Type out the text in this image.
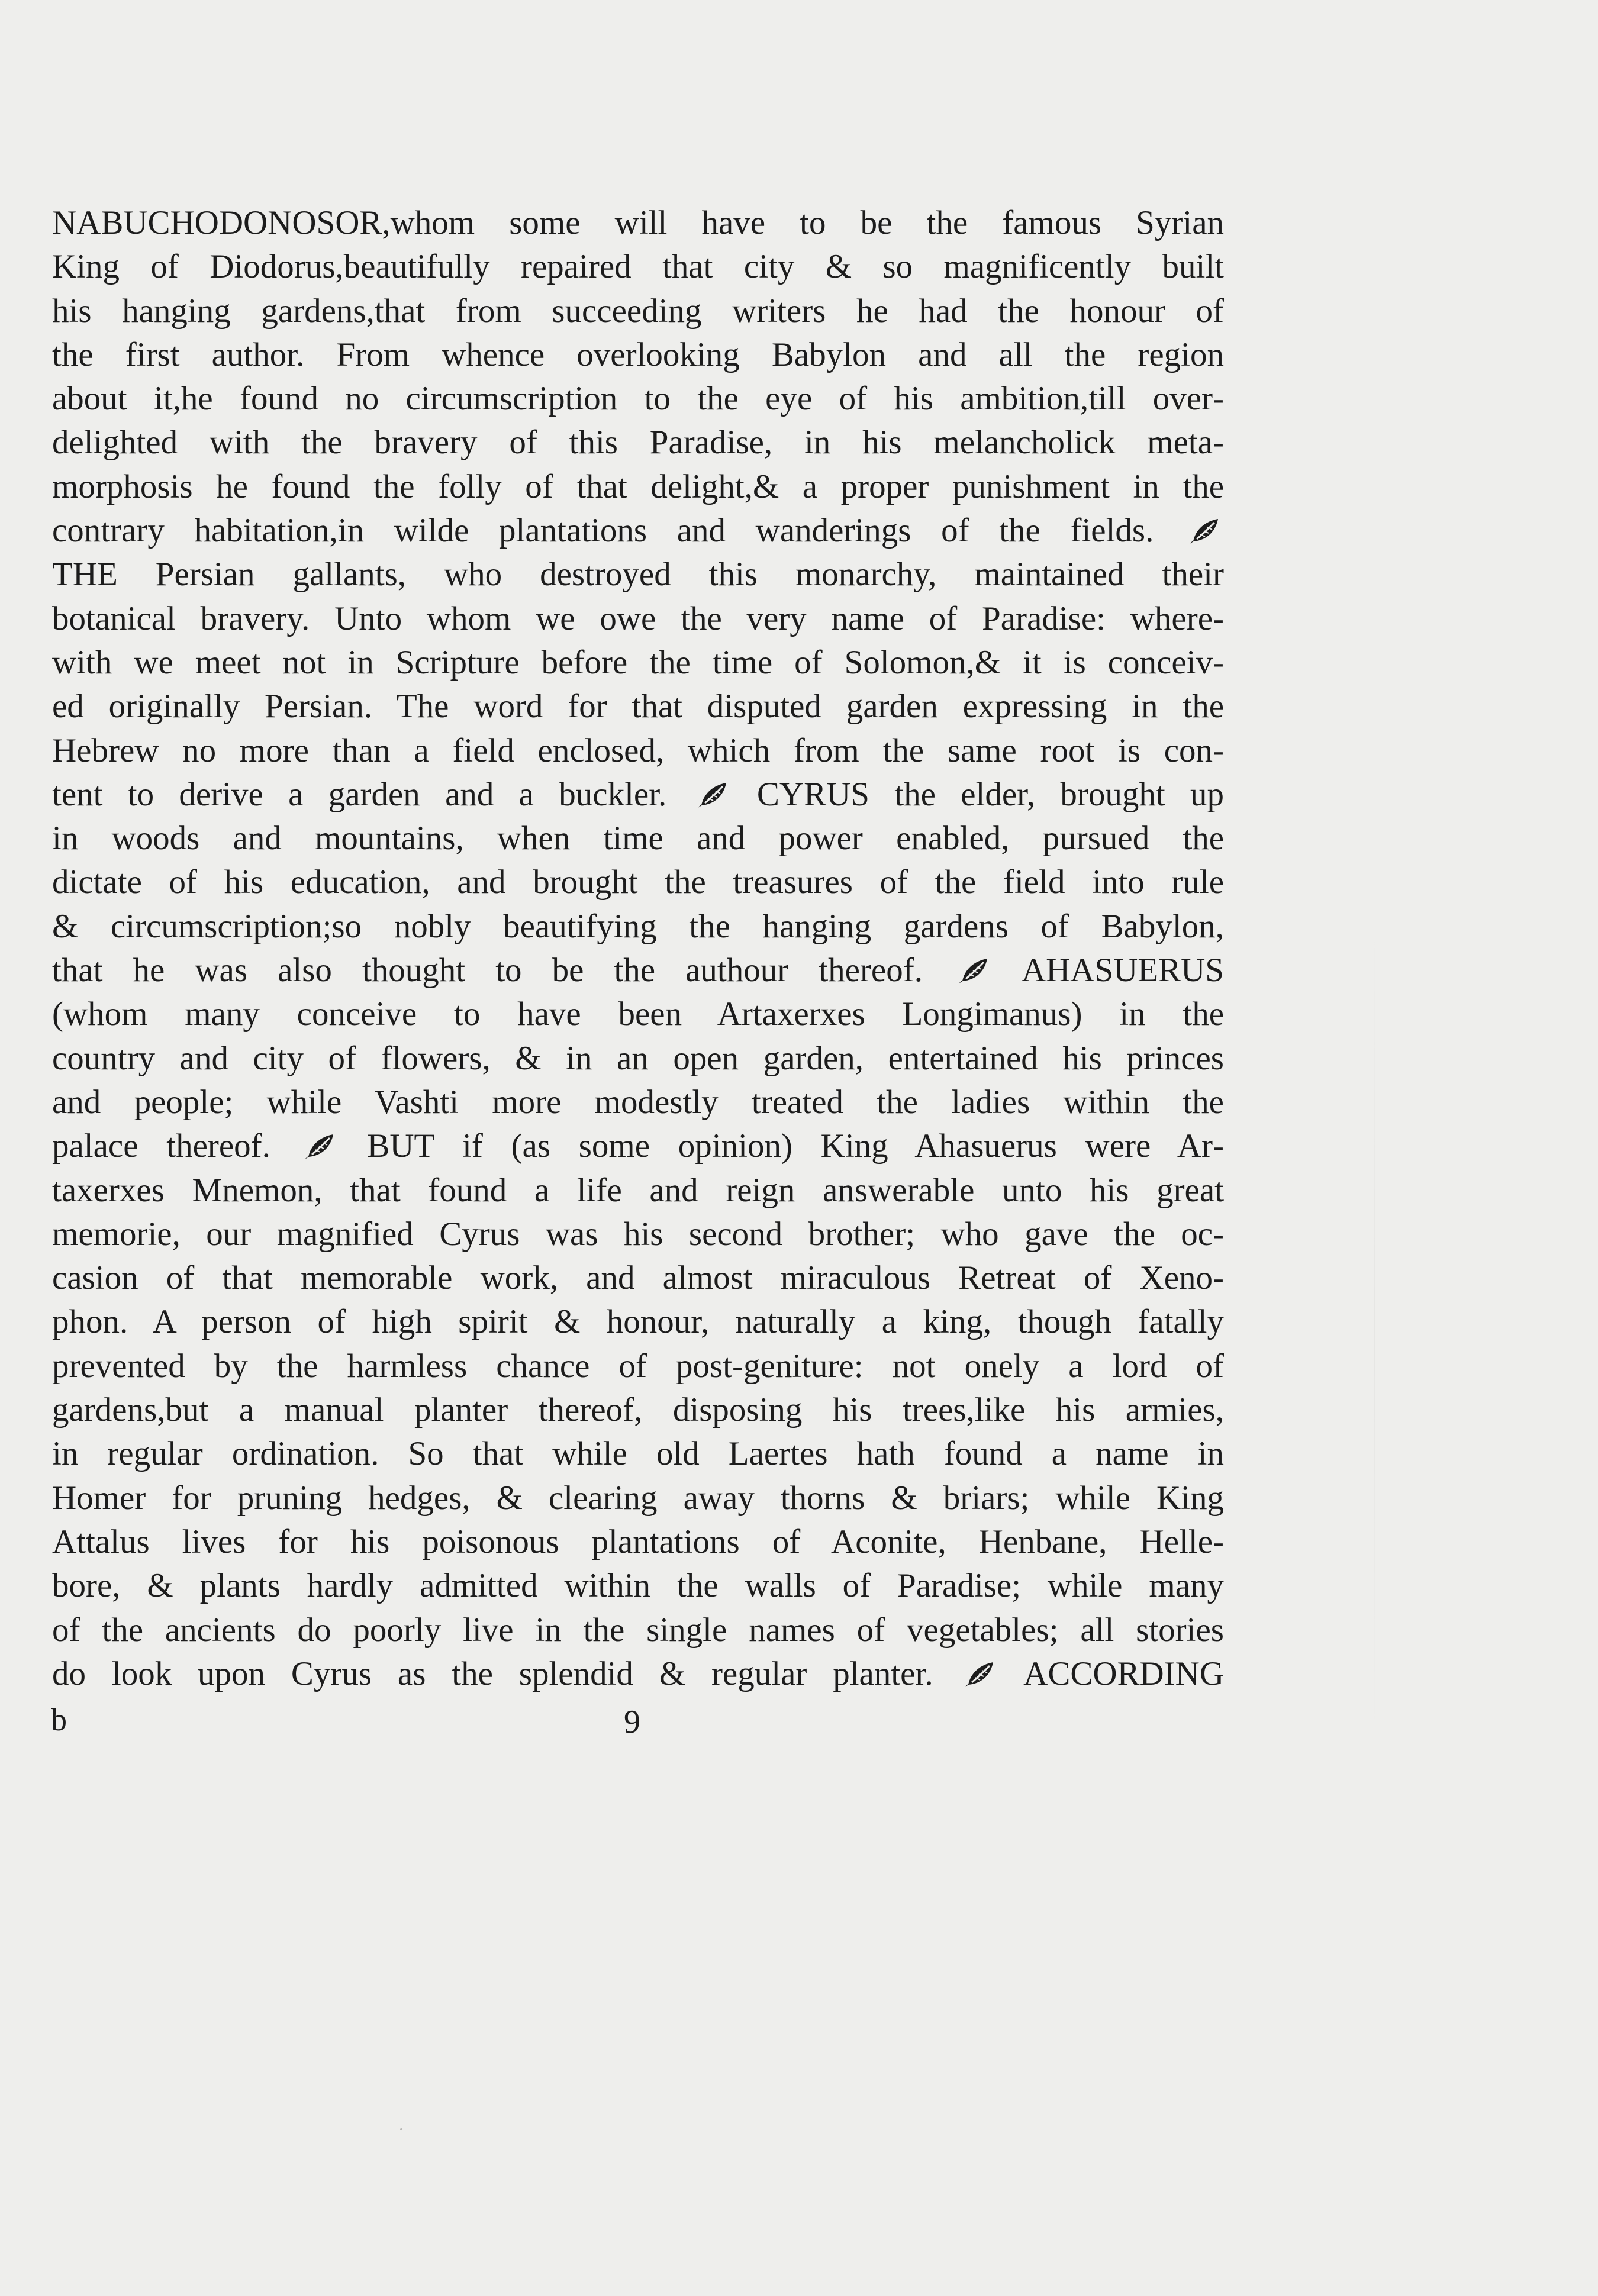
NABUCHODONOSOR,whom some will have to be the famous Syrian
King of Diodorus,beautifully repaired that city & so magnificently built
his hanging gardens,that from succeeding writers he had the honour of
the first author. From whence overlooking Babylon and all the region
about it,he found no circumscription to the eye of his ambition,till over‐
delighted with the bravery of this Paradise, in his melancholick meta‐
morphosis he found the folly of that delight,& a proper punishment in the
contrary habitation,in wilde plantations and wanderings of the fields.
THE Persian gallants, who destroyed this monarchy, maintained their
botanical bravery. Unto whom we owe the very name of Paradise: where‐
with we meet not in Scripture before the time of Solomon,& it is conceiv‐
ed originally Persian. The word for that disputed garden expressing in the
Hebrew no more than a field enclosed, which from the same root is con‐
tent to derive a garden and a buckler.	CYRUS the elder, brought up
in woods and mountains, when time and power enabled, pursued the
dictate of his education, and brought the treasures of the field into rule
& circumscription;so nobly beautifying the hanging gardens of Babylon,
that he was also thought to be the authour thereof.	AHASUERUS
(whom many conceive to have been Artaxerxes Longimanus) in the
country and city of flowers, & in an open garden, entertained his princes
and people; while Vashti more modestly treated the ladies within the
palace thereof.	BUT if (as some opinion) King Ahasuerus were Ar‐
taxerxes Mnemon, that found a life and reign answerable unto his great
memorie, our magnified Cyrus was his second brother; who gave the oc‐
casion of that memorable work, and almost miraculous Retreat of Xeno‐
phon. A person of high spirit & honour, naturally a king, though fatally
prevented by the harmless chance of post-geniture: not onely a lord of
gardens,but a manual planter thereof, disposing his trees,like his armies,
in regular ordination. So that while old Laertes hath found a name in
Homer for pruning hedges, & clearing away thorns & briars; while King
Attalus lives for his poisonous plantations of Aconite, Henbane, Helle‐
bore, & plants hardly admitted within the walls of Paradise; while many
of the ancients do poorly live in the single names of vegetables; all stories
do look upon Cyrus as the splendid & regular planter.	ACCORDING
b	9
